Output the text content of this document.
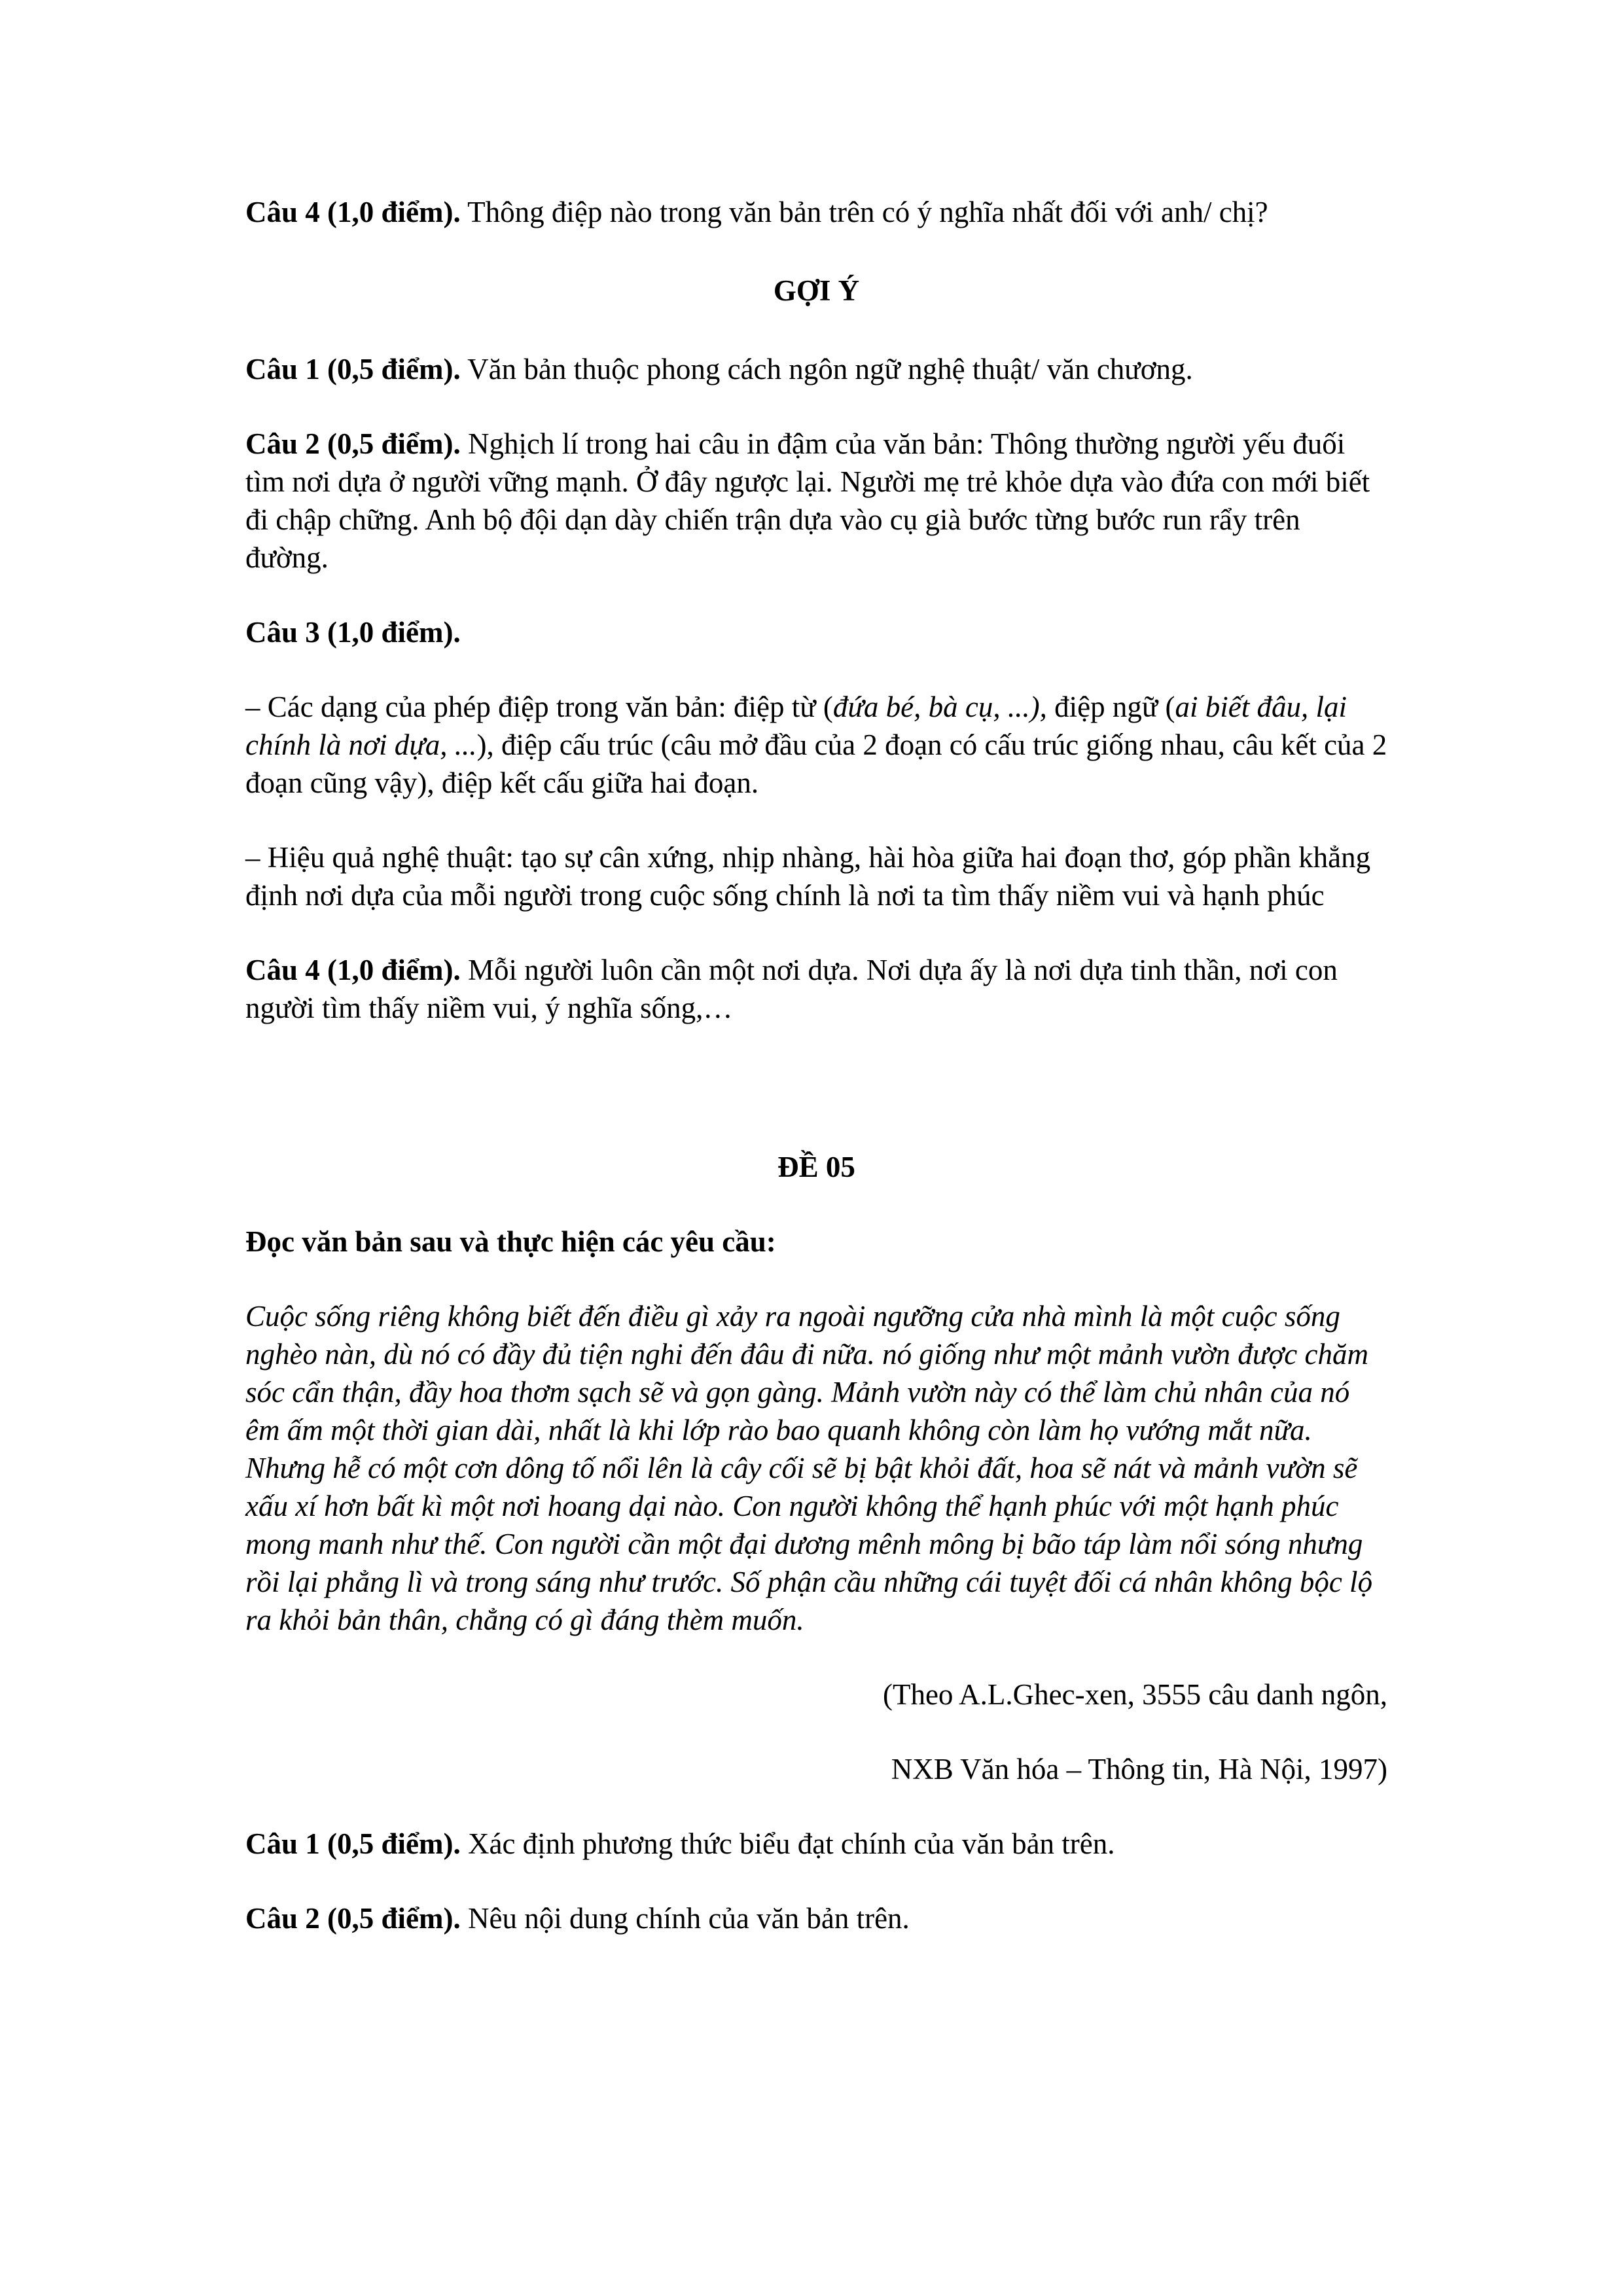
Câu 4 (1,0 điểm). Thông điệp nào trong văn bản trên có ý nghĩa nhất đối với anh/ chị?

GỢI Ý

Câu 1 (0,5 điểm). Văn bản thuộc phong cách ngôn ngữ nghệ thuật/ văn chương.

Câu 2 (0,5 điểm). Nghịch lí trong hai câu in đậm của văn bản: Thông thường người yếu đuối tìm nơi dựa ở người vững mạnh. Ở đây ngược lại. Người mẹ trẻ khỏe dựa vào đứa con mới biết đi chập chững. Anh bộ đội dạn dày chiến trận dựa vào cụ già bước từng bước run rẩy trên đường.

Câu 3 (1,0 điểm).

– Các dạng của phép điệp trong văn bản: điệp từ (đứa bé, bà cụ, ...), điệp ngữ (ai biết đâu, lại chính là nơi dựa, ...), điệp cấu trúc (câu mở đầu của 2 đoạn có cấu trúc giống nhau, câu kết của 2 đoạn cũng vậy), điệp kết cấu giữa hai đoạn.

– Hiệu quả nghệ thuật: tạo sự cân xứng, nhịp nhàng, hài hòa giữa hai đoạn thơ, góp phần khẳng định nơi dựa của mỗi người trong cuộc sống chính là nơi ta tìm thấy niềm vui và hạnh phúc

Câu 4 (1,0 điểm). Mỗi người luôn cần một nơi dựa. Nơi dựa ấy là nơi dựa tinh thần, nơi con người tìm thấy niềm vui, ý nghĩa sống,…

ĐỀ 05

Đọc văn bản sau và thực hiện các yêu cầu:

Cuộc sống riêng không biết đến điều gì xảy ra ngoài ngưỡng cửa nhà mình là một cuộc sống nghèo nàn, dù nó có đầy đủ tiện nghi đến đâu đi nữa. nó giống như một mảnh vườn được chăm sóc cẩn thận, đầy hoa thơm sạch sẽ và gọn gàng. Mảnh vườn này có thể làm chủ nhân của nó êm ấm một thời gian dài, nhất là khi lớp rào bao quanh không còn làm họ vướng mắt nữa. Nhưng hễ có một cơn dông tố nổi lên là cây cối sẽ bị bật khỏi đất, hoa sẽ nát và mảnh vườn sẽ xấu xí hơn bất kì một nơi hoang dại nào. Con người không thể hạnh phúc với một hạnh phúc mong manh như thế. Con người cần một đại dương mênh mông bị bão táp làm nổi sóng nhưng rồi lại phẳng lì và trong sáng như trước. Số phận cầu những cái tuyệt đối cá nhân không bộc lộ ra khỏi bản thân, chẳng có gì đáng thèm muốn.

(Theo A.L.Ghec-xen, 3555 câu danh ngôn,

NXB Văn hóa – Thông tin, Hà Nội, 1997)

Câu 1 (0,5 điểm). Xác định phương thức biểu đạt chính của văn bản trên.

Câu 2 (0,5 điểm). Nêu nội dung chính của văn bản trên.
